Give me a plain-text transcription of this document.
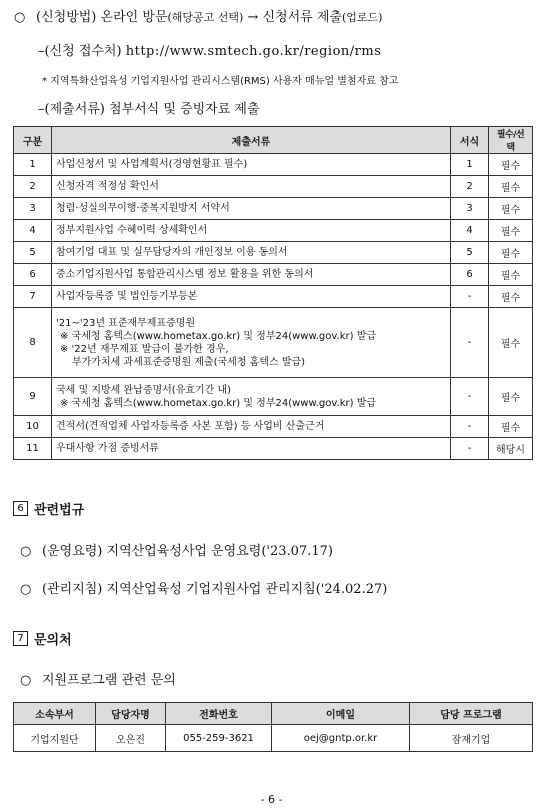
○ (신청방법) 온라인 방문(해당공고 선택) → 신청서류 제출(업로드)
–(신청 접수처) http://www.smtech.go.kr/region/rms
* 지역특화산업육성 기업지원사업 관리시스템(RMS) 사용자 매뉴얼 별첨자료 참고
–(제출서류) 첨부서식 및 증빙자료 제출
구분	제출서류	서식	필수/선택
1	사업신청서 및 사업계획서(경영현황표 필수)	1	필수
2	신청자격 적정성 확인서	2	필수
3	청렴·성실의무이행·중복지원방지 서약서	3	필수
4	정부지원사업 수혜이력 상세확인서	4	필수
5	참여기업 대표 및 실무담당자의 개인정보 이용 동의서	5	필수
6	중소기업지원사업 통합관리시스템 정보 활용을 위한 동의서	6	필수
7	사업자등록증 및 법인등기부등본	-	필수
8	'21~'23년 표준재무제표증명원
※ 국세청 홈텍스(www.hometax.go.kr) 및 정부24(www.gov.kr) 발급
※ '22년 재무제표 발급이 불가한 경우,
부가가치세 과세표준증명원 제출(국세청 홈텍스 발급)	-	필수
9	국세 및 지방세 완납증명서(유효기간 내)
※ 국세청 홈텍스(www.hometax.go.kr) 및 정부24(www.gov.kr) 발급	-	필수
10	견적서(견적업체 사업자등록증 사본 포함) 등 사업비 산출근거	-	필수
11	우대사항 가점 증빙서류	-	해당시
6 관련법규
○ (운영요령) 지역산업육성사업 운영요령('23.07.17)
○ (관리지침) 지역산업육성 기업지원사업 관리지침('24.02.27)
7 문의처
○ 지원프로그램 관련 문의
소속부서	담당자명	전화번호	이메일	담당 프로그램
기업지원단	오은진	055-259-3621	oej@gntp.or.kr	잠재기업
- 6 -
